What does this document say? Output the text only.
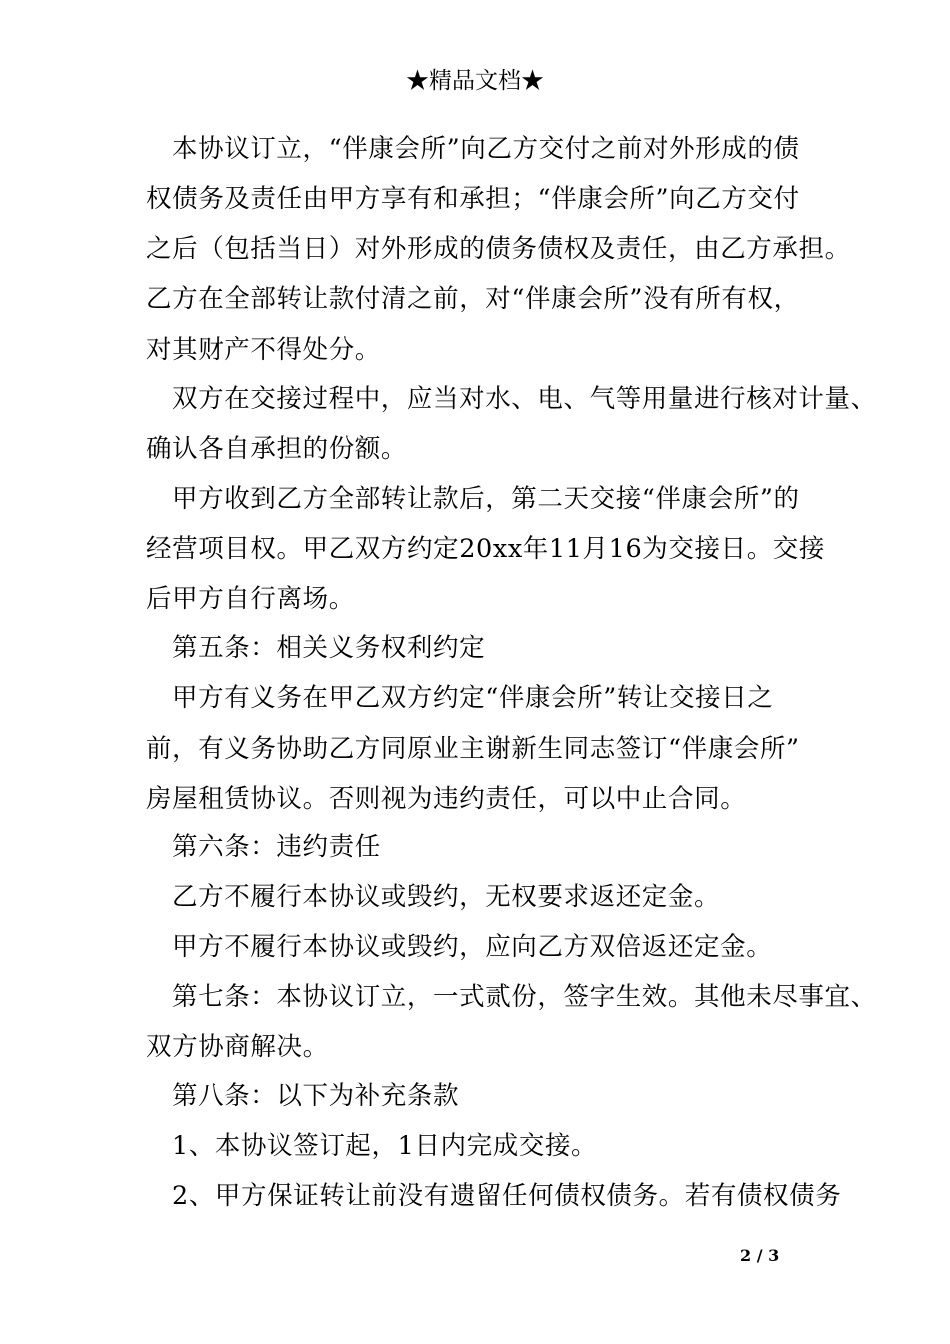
★精品文档★
本协议订立，“伴康会所”向乙方交付之前对外形成的债
权债务及责任由甲方享有和承担；“伴康会所”向乙方交付
之后（包括当日）对外形成的债务债权及责任，由乙方承担。
乙方在全部转让款付清之前，对“伴康会所”没有所有权，
对其财产不得处分。
双方在交接过程中，应当对水、电、气等用量进行核对计量、
确认各自承担的份额。
甲方收到乙方全部转让款后，第二天交接“伴康会所”的
经营项目权。甲乙双方约定20xx年11月16为交接日。交接
后甲方自行离场。
第五条：相关义务权利约定
甲方有义务在甲乙双方约定“伴康会所”转让交接日之
前，有义务协助乙方同原业主谢新生同志签订“伴康会所”
房屋租赁协议。否则视为违约责任，可以中止合同。
第六条：违约责任
乙方不履行本协议或毁约，无权要求返还定金。
甲方不履行本协议或毁约，应向乙方双倍返还定金。
第七条：本协议订立，一式贰份，签字生效。其他未尽事宜、
双方协商解决。
第八条：以下为补充条款
1、本协议签订起，1日内完成交接。
2、甲方保证转让前没有遗留任何债权债务。若有债权债务
2 / 3
